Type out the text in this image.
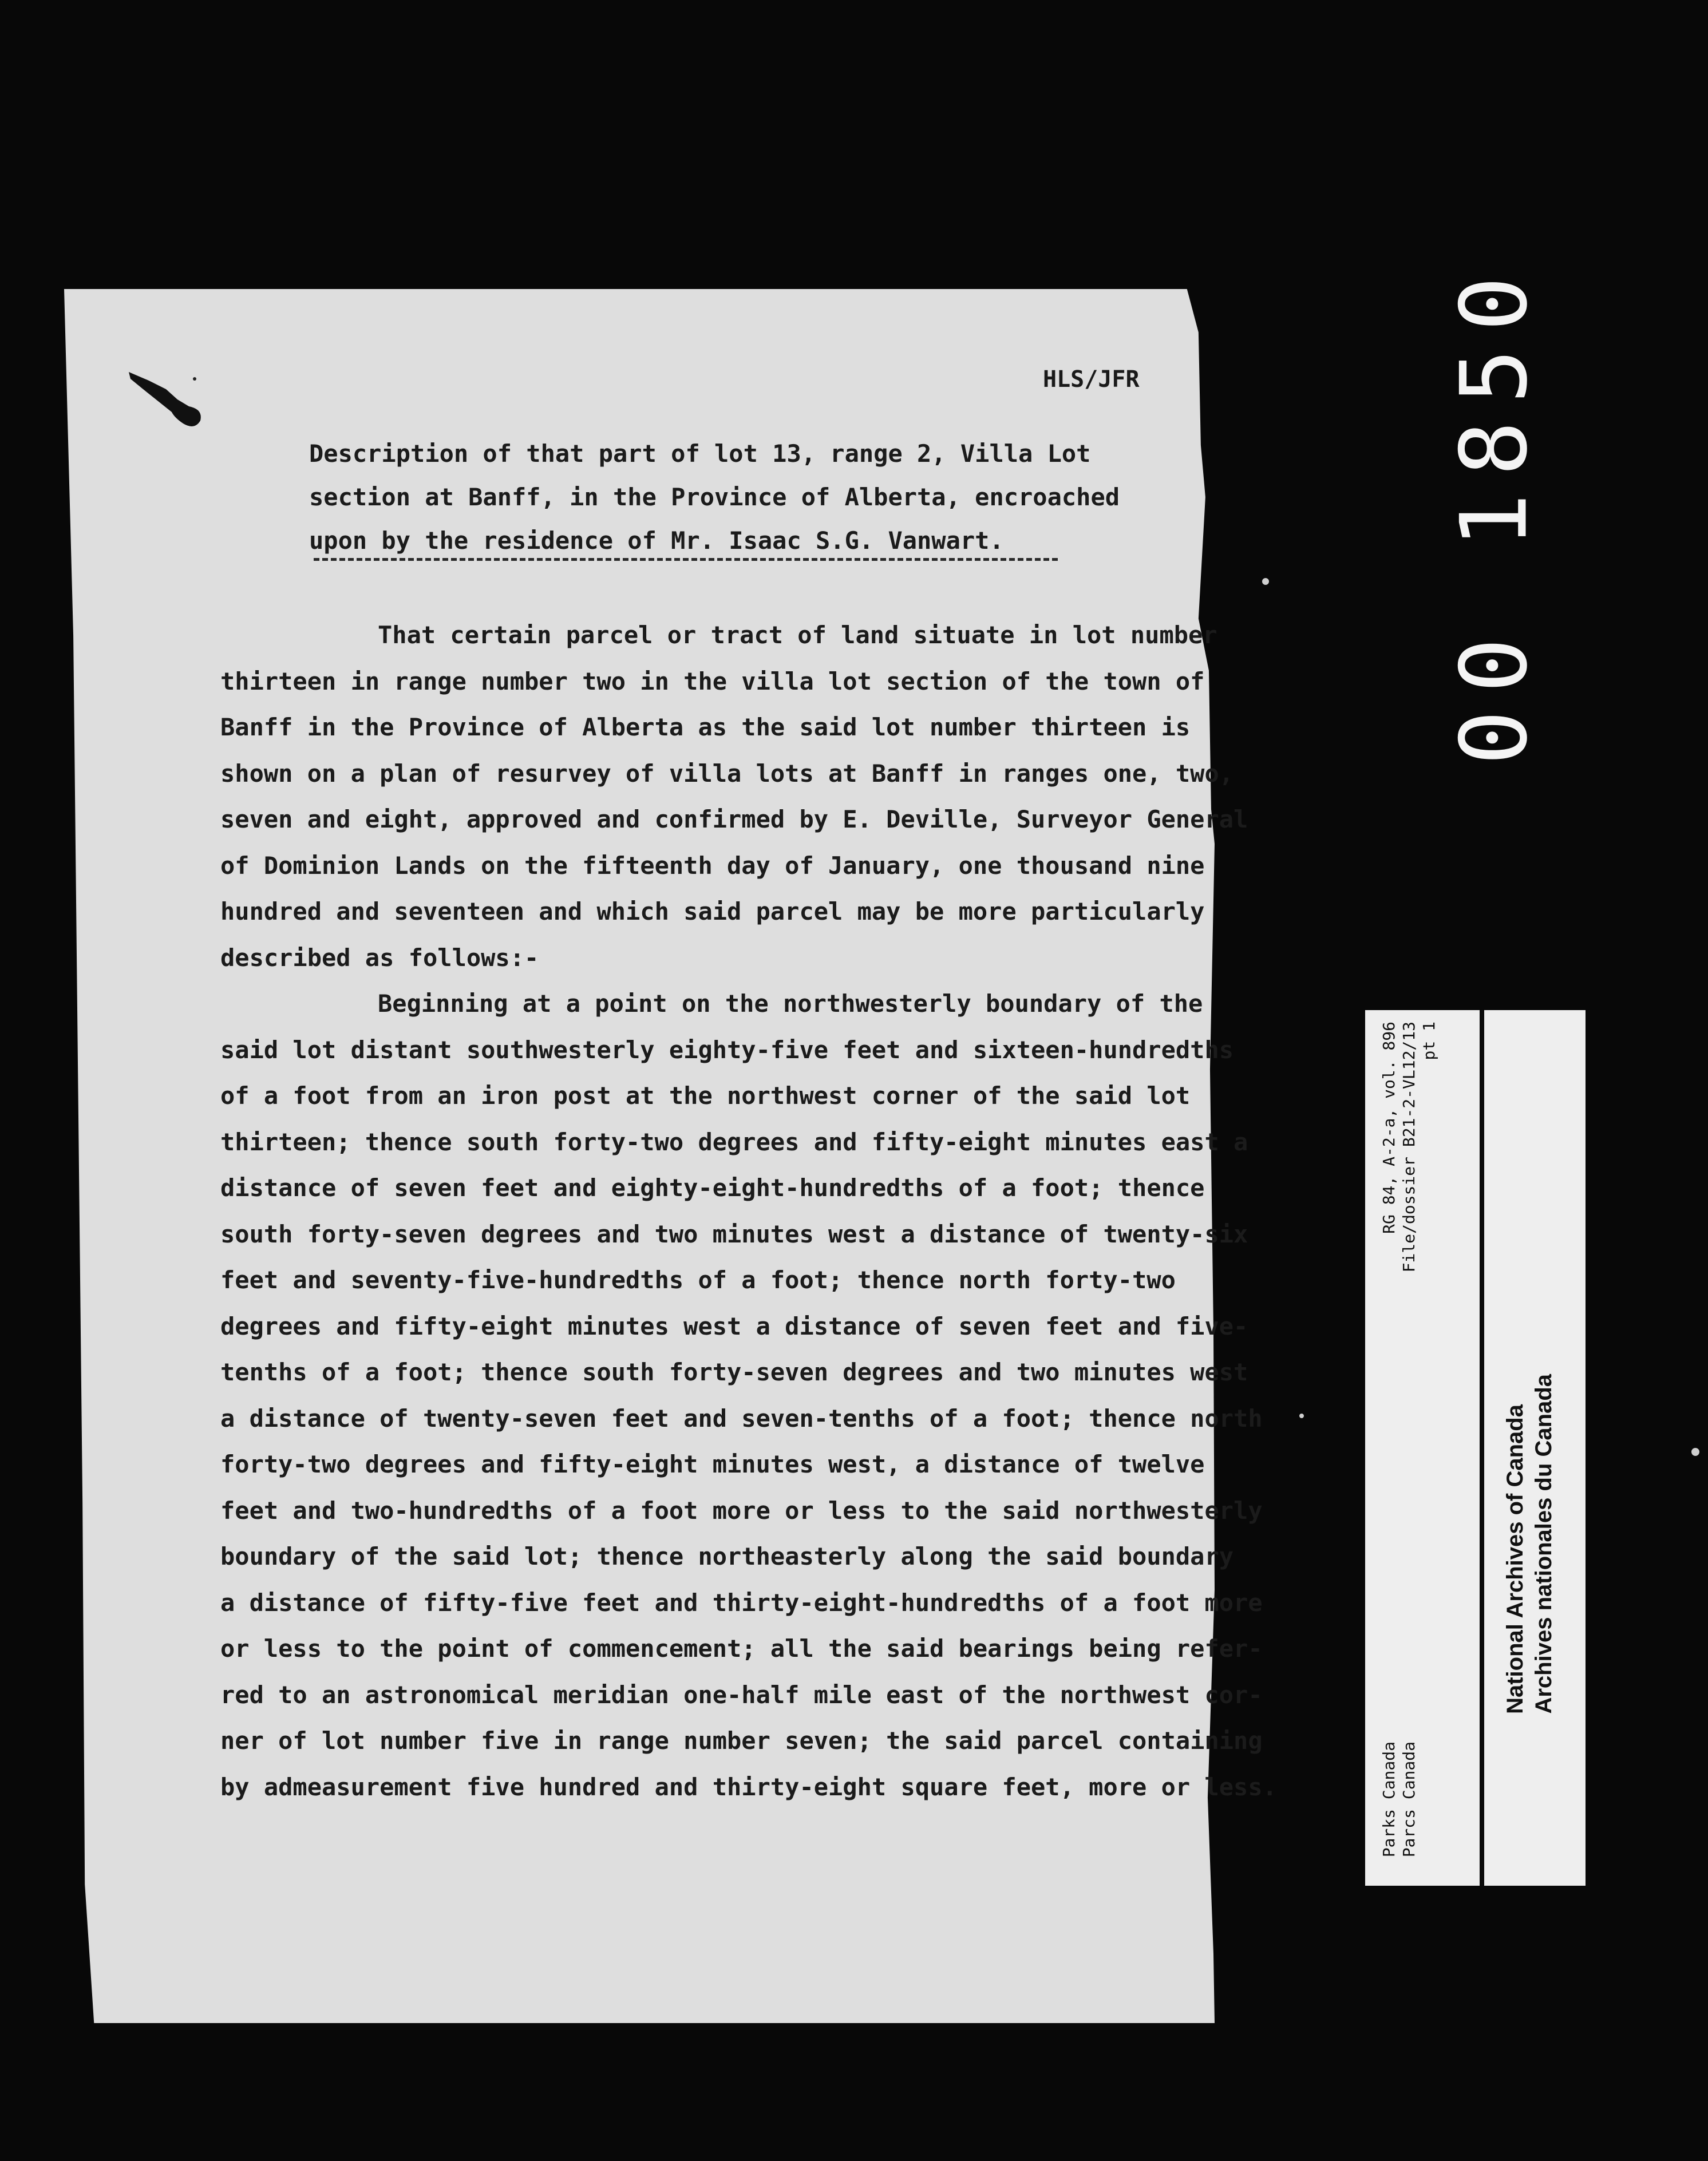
HLS/JFR
Description of that part of lot 13, range 2, Villa Lot
section at Banff, in the Province of Alberta, encroached
upon by the residence of Mr. Isaac S.G. Vanwart.
That certain parcel or tract of land situate in lot number
thirteen in range number two in the villa lot section of the town of
Banff in the Province of Alberta as the said lot number thirteen is
shown on a plan of resurvey of villa lots at Banff in ranges one, two,
seven and eight, approved and confirmed by E. Deville, Surveyor General
of Dominion Lands on the fifteenth day of January, one thousand nine
hundred and seventeen and which said parcel may be more particularly
described as follows:-
Beginning at a point on the northwesterly boundary of the
said lot distant southwesterly eighty-five feet and sixteen-hundredths
of a foot from an iron post at the northwest corner of the said lot
thirteen; thence south forty-two degrees and fifty-eight minutes east a
distance of seven feet and eighty-eight-hundredths of a foot; thence
south forty-seven degrees and two minutes west a distance of twenty-six
feet and seventy-five-hundredths of a foot; thence north forty-two
degrees and fifty-eight minutes west a distance of seven feet and five-
tenths of a foot; thence south forty-seven degrees and two minutes west
a distance of twenty-seven feet and seven-tenths of a foot; thence north
forty-two degrees and fifty-eight minutes west, a distance of twelve
feet and two-hundredths of a foot more or less to the said northwesterly
boundary of the said lot; thence northeasterly along the said boundary
a distance of fifty-five feet and thirty-eight-hundredths of a foot more
or less to the point of commencement; all the said bearings being refer-
red to an astronomical meridian one-half mile east of the northwest cor-
ner of lot number five in range number seven; the said parcel containing
by admeasurement five hundred and thirty-eight square feet, more or less.
00 1850
Parks Canada Parcs Canada
RG 84, A-2-a, vol. 896 File/dossier B21-2-VL12/13 pt 1
National Archives of Canada Archives nationales du Canada
